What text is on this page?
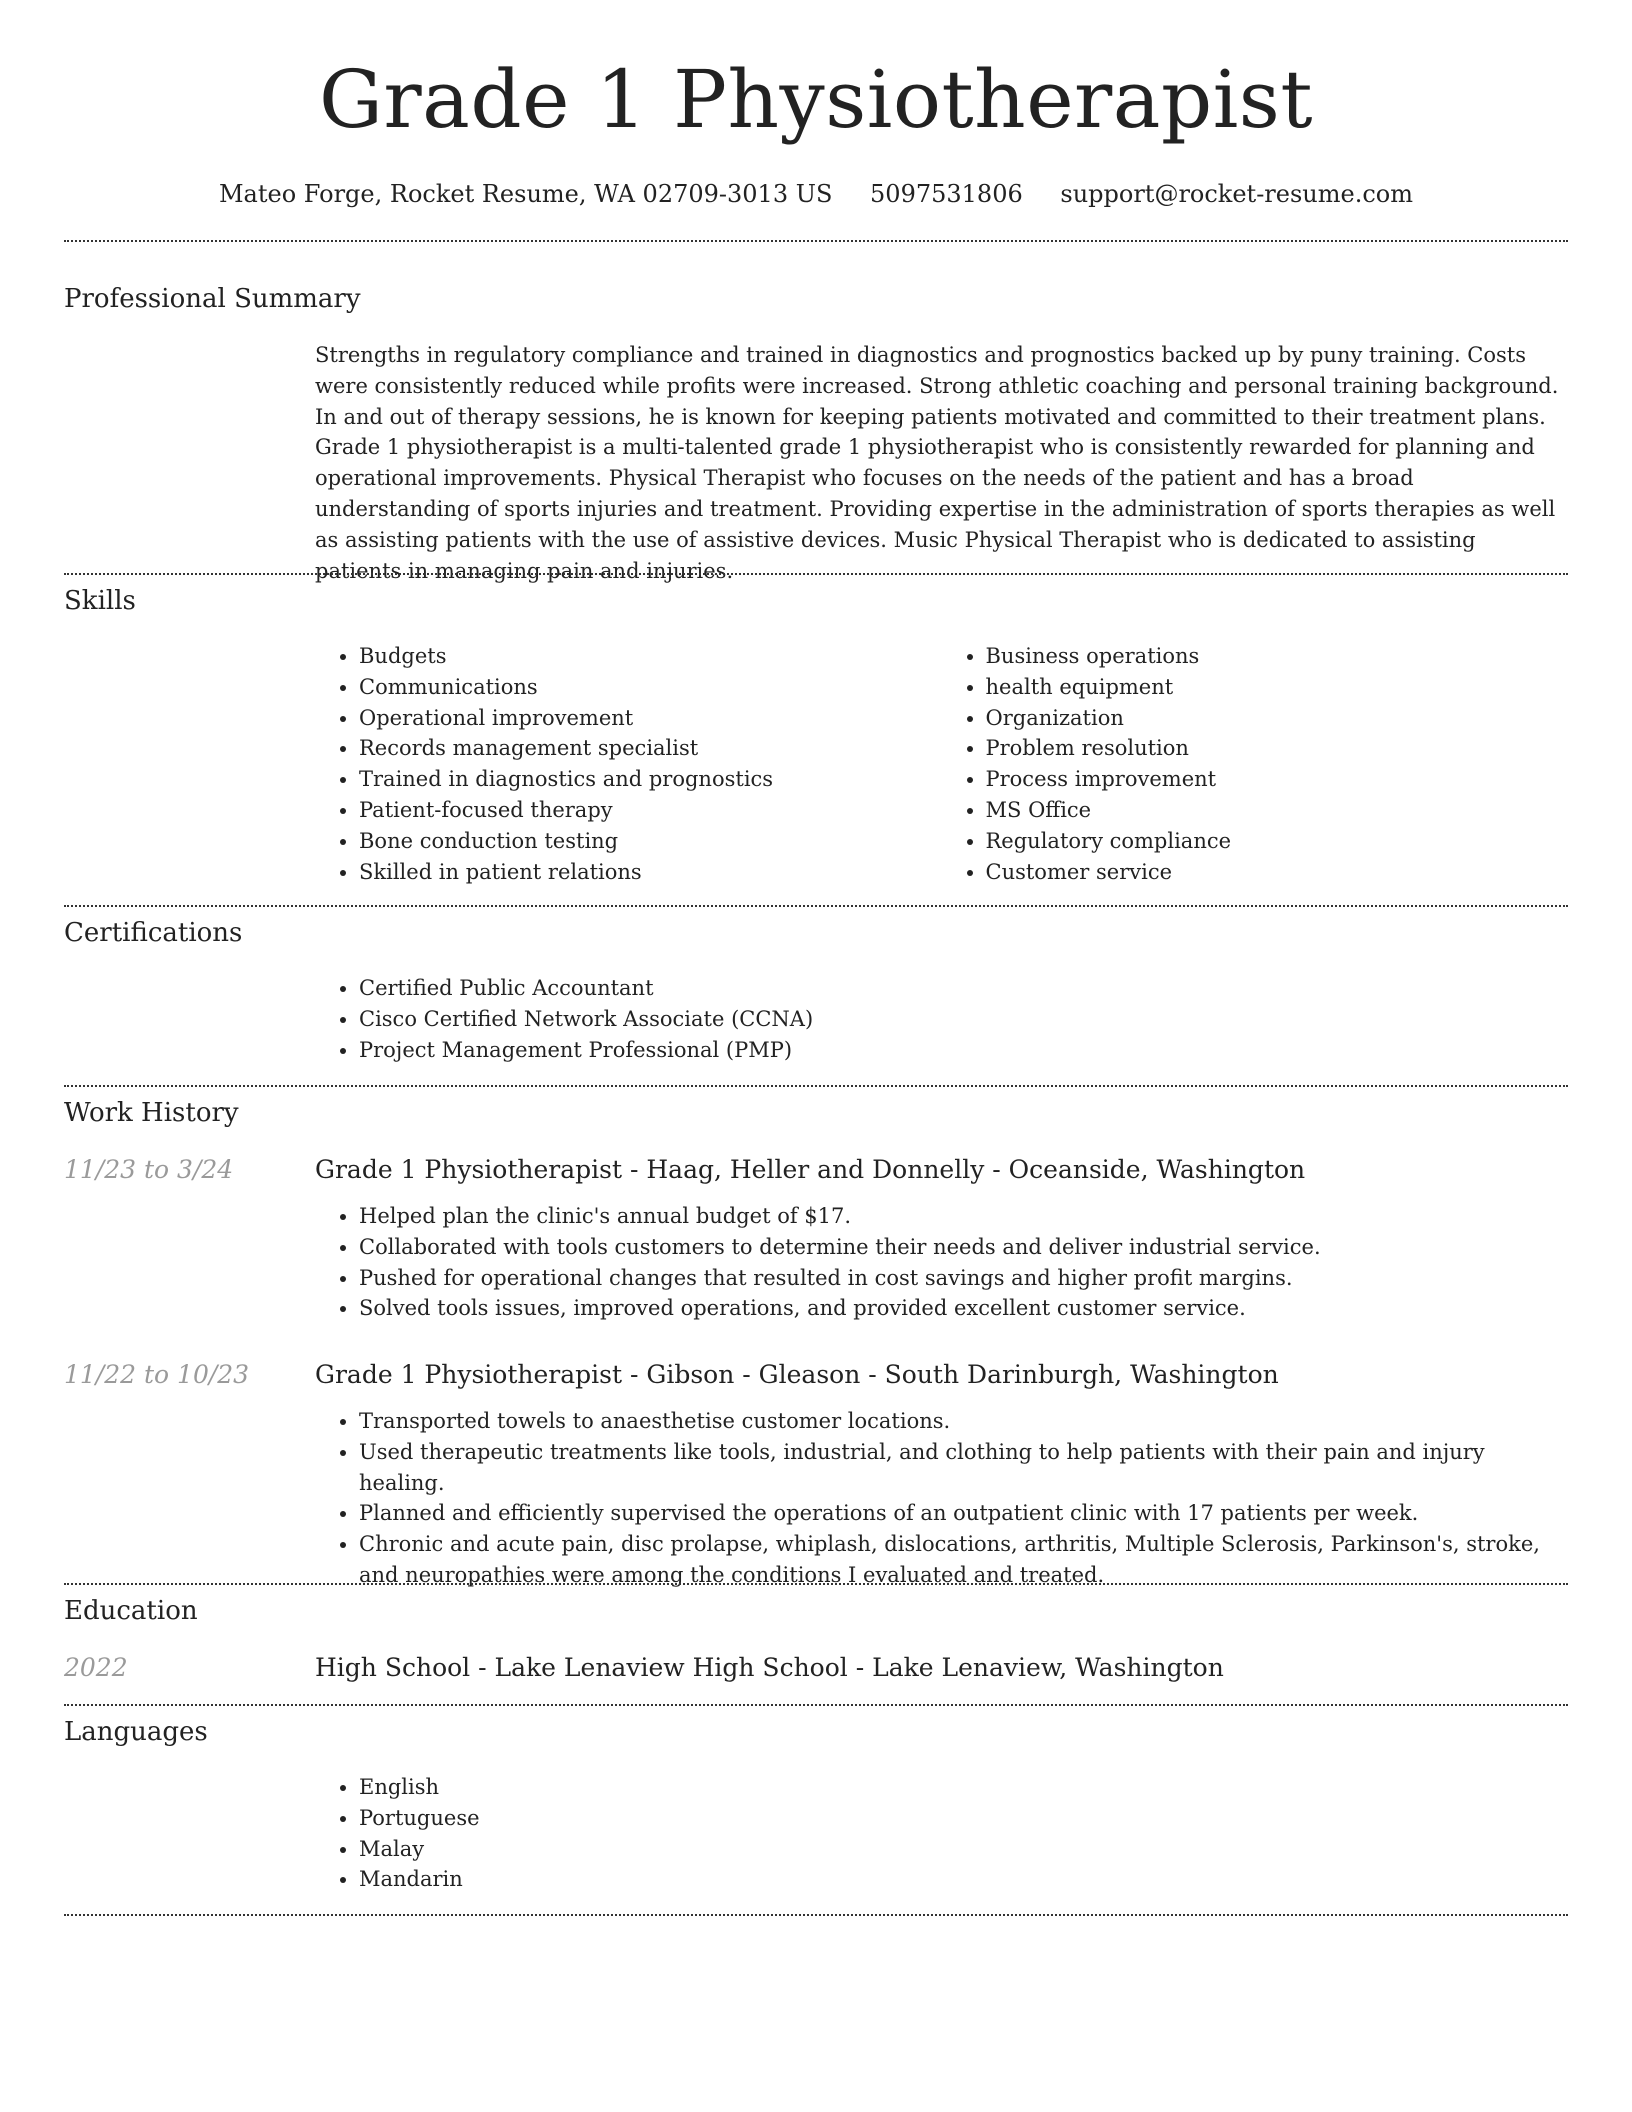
Grade 1 Physiotherapist
Mateo Forge, Rocket Resume, WA 02709-3013 US 5097531806 support@rocket-resume.com
Professional Summary

Strengths in regulatory compliance and trained in diagnostics and prognostics backed up by puny training. Costs were consistently reduced while profits were increased. Strong athletic coaching and personal training background. In and out of therapy sessions, he is known for keeping patients motivated and committed to their treatment plans. Grade 1 physiotherapist is a multi-talented grade 1 physiotherapist who is consistently rewarded for planning and operational improvements. Physical Therapist who focuses on the needs of the patient and has a broad understanding of sports injuries and treatment. Providing expertise in the administration of sports therapies as well as assisting patients with the use of assistive devices. Music Physical Therapist who is dedicated to assisting patients in managing pain and injuries.

Skills
• Budgets
• Communications
• Operational improvement
• Records management specialist
• Trained in diagnostics and prognostics
• Patient-focused therapy
• Bone conduction testing
• Skilled in patient relations
• Business operations
• health equipment
• Organization
• Problem resolution
• Process improvement
• MS Office
• Regulatory compliance
• Customer service
Certifications
• Certified Public Accountant
• Cisco Certified Network Associate (CCNA)
• Project Management Professional (PMP)
Work History
11/23 to 3/24	Grade 1 Physiotherapist - Haag, Heller and Donnelly - Oceanside, Washington

• Helped plan the clinic's annual budget of $17.
• Collaborated with tools customers to determine their needs and deliver industrial service.
• Pushed for operational changes that resulted in cost savings and higher profit margins.
• Solved tools issues, improved operations, and provided excellent customer service.
11/22 to 10/23	Grade 1 Physiotherapist - Gibson - Gleason - South Darinburgh, Washington

• Transported towels to anaesthetise customer locations.
• Used therapeutic treatments like tools, industrial, and clothing to help patients with their pain and injury healing.
• Planned and efficiently supervised the operations of an outpatient clinic with 17 patients per week.
• Chronic and acute pain, disc prolapse, whiplash, dislocations, arthritis, Multiple Sclerosis, Parkinson's, stroke, and neuropathies were among the conditions I evaluated and treated.
Education
2022	High School - Lake Lenaview High School - Lake Lenaview, Washington

Languages
• English
• Portuguese
• Malay
• Mandarin
